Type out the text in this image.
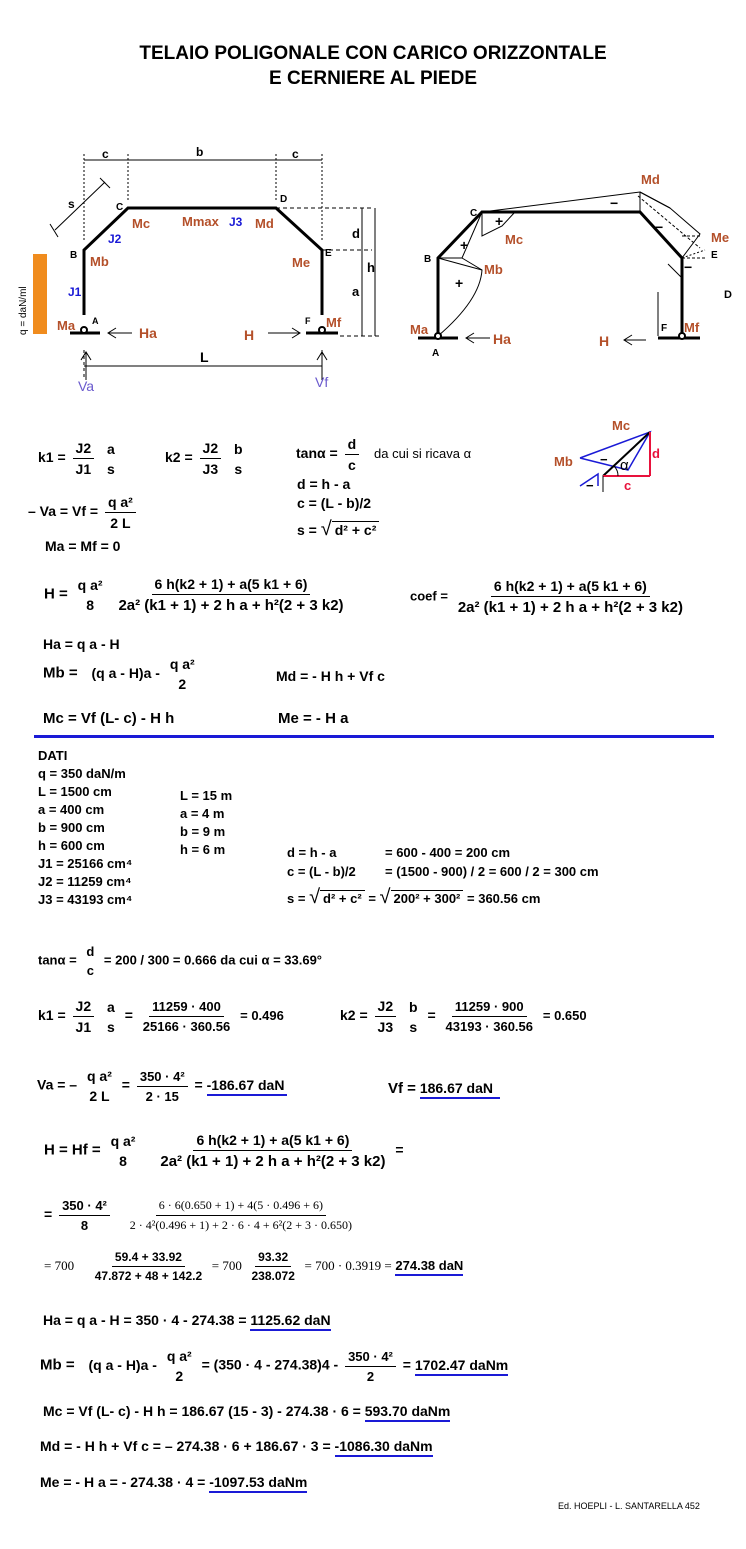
TELAIO POLIGONALE CON CARICO ORIZZONTALE
E CERNIERE AL PIEDE
c	b	c
s	C
D
B	E
A	F
Mc Mmax J3 Md
J2
Mb	Me
J1
Ma	Mf
Ha	H
L
Va	Vf
d
h
a
q = daN/ml
Md
C +
−
−
Me
E
Mc
B
+
Mb
+
−
D
Ma
A
Ha	H
F Mf
Mc
Mb	α
d
c
−
−
$k1 = \frac{J2}{J1}$
a
s
$k2 = \frac{J2}{J3}$
b
s
$\tan\alpha = \frac{d}{c}$ da cui si ricava α
d = h - a
c = (L - b)/2
s = √ d² + c²
– $Va = Vf = \frac{\text{q a²}}{2 L}$
Ma = Mf = 0
H =
q a²
8
$\frac{6 h(k2 + 1) + a(5 k1 + 6)}{\text{2a² (k1 + 1) + 2 h a + h²(2 + 3 k2)}}$	coef = $\frac{6 h(k2 + 1) + a(5 k1 + 6)}{\text{2a² (k1 + 1) + 2 h a + h²(2 + 3 k2)}}$
Ha = q a - H
Mb = (q a - H)a -
q a²
2	Md = - H h + Vf c
Mc = Vf (L- c) - H h	Me = - H a
DATI
q = 350 daN/m
L = 1500 cm
a = 400 cm
b = 900 cm
h = 600 cm
J1 = 25166 cm⁴
J2 = 11259 cm⁴
J3 = 43193 cm⁴
L = 15 m
a = 4 m
b = 9 m
h = 6 m	d = h - a	= 600 - 400 = 200 cm
c = (L - b)/2 = (1500 - 900) / 2 = 600 / 2 = 300 cm
s = √ d² + c² = √ 200² + 300² = 360.56 cm
tanα =
d
c
= 200 / 300 = 0.666 da cui α = 33.69°
$k1 = \frac{J2}{J1}$
a
s
= $\frac{11259 \cdot 400}{25166 \cdot 360.56} = 0.496$	$k2 = \frac{J2}{J3}$
b
s
= $\frac{11259 \cdot 900}{43193 \cdot 360.56} = 0.650$
Va = –
q a²
2 L
= $\frac{\text{350 · 4²}}{2 \cdot 15} = -186.67$ daN	Vf = 186.67 daN
H = Hf =
q a²
8
$\frac{6 h(k2 + 1) + a(5 k1 + 6)}{\text{2a² (k1 + 1) + 2 h a + h²(2 + 3 k2)}}$ =
= $\frac{\text{350 · 4²}}{8}$
$\frac{6 \cdot 6(0.650 + 1) + 4(5 \cdot 0.496 + 6)}{\text{2 · 4²(0.496 + 1) + 2 · 6 · 4 + 6²(2 + 3 · 0.650)}}$
= $700 \frac{59.4 + 33.92}{47.872 + 48 + 142.2} = 700 \frac{93.32}{238.072} = 700 \cdot 0.3919 = 274.38$ daN
Ha = q a - H = 350 · 4 - 274.38 = 1125.62 daN
Mb = (q a - H)a -
q a²
2
= $(350 \cdot 4 - 274.38)4 - \frac{\text{350 · 4²}}{2} = 1702.47$ daNm
Mc = Vf (L- c) - H h = 186.67 (15 - 3) - 274.38 · 6 = 593.70 daNm
Md = - H h + Vf c = – 274.38 · 6 + 186.67 · 3 = -1086.30 daNm
Me = - H a = - 274.38 · 4 = -1097.53 daNm
Ed. HOEPLI - L. SANTARELLA 452
